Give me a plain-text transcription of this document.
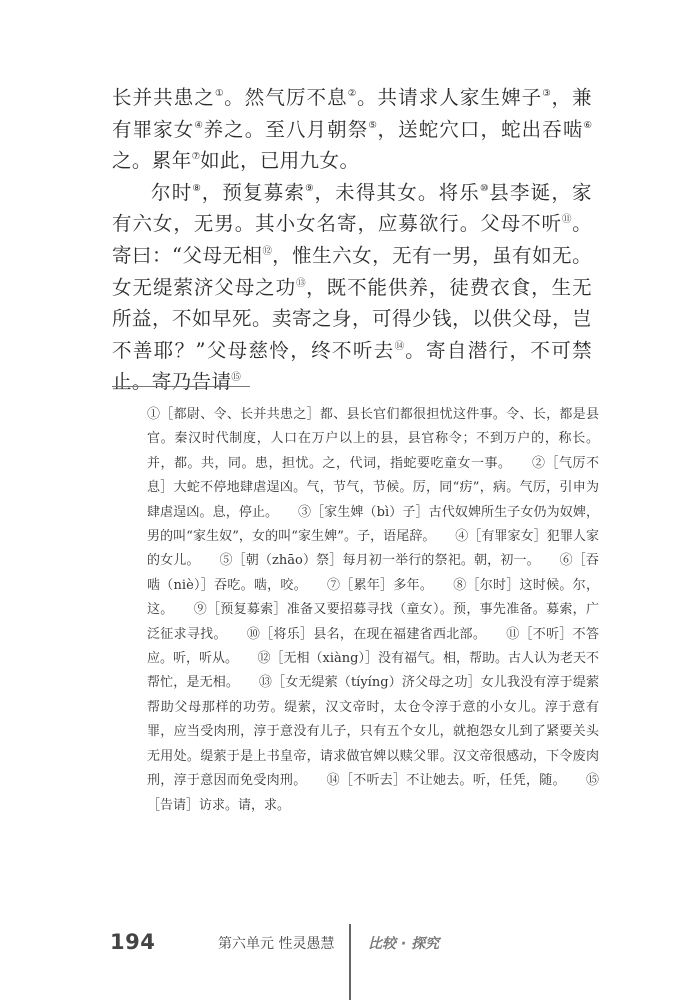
长并共患之①。然气厉不息②。共请求人家生婢子③，兼有罪家女④养之。至八月朝祭⑤，送蛇穴口，蛇出吞啮⑥之。累年⑦如此，已用九女。

尔时⑧，预复募索⑨，未得其女。将乐⑩县李诞，家有六女，无男。其小女名寄，应募欲行。父母不听⑪。寄曰：“父母无相⑫，惟生六女，无有一男，虽有如无。女无缇萦济父母之功⑬，既不能供养，徒费衣食，生无所益，不如早死。卖寄之身，可得少钱，以供父母，岂不善耶？”父母慈怜，终不听去⑭。寄自潜行，不可禁止。寄乃告请⑮

①［都尉、令、长并共患之］都、县长官们都很担忧这件事。令、长，都是县官。秦汉时代制度，人口在万户以上的县，县官称令；不到万户的，称长。并，都。共，同。患，担忧。之，代词，指蛇要吃童女一事。 ②［气厉不息］大蛇不停地肆虐逞凶。气，节气，节候。厉，同“疠”，病。气厉，引申为肆虐逞凶。息，停止。 ③［家生婢（bì）子］古代奴婢所生子女仍为奴婢，男的叫“家生奴”，女的叫“家生婢”。子，语尾辞。 ④［有罪家女］犯罪人家的女儿。 ⑤［朝（zhāo）祭］每月初一举行的祭祀。朝，初一。 ⑥［吞啮（niè）］吞吃。啮，咬。 ⑦［累年］多年。 ⑧［尔时］这时候。尔，这。 ⑨［预复募索］准备又要招募寻找（童女）。预，事先准备。募索，广泛征求寻找。 ⑩［将乐］县名，在现在福建省西北部。 ⑪［不听］不答应。听，听从。 ⑫［无相（xiàng）］没有福气。相，帮助。古人认为老天不帮忙，是无相。 ⑬［女无缇萦（tíyíng）济父母之功］女儿我没有淳于缇萦帮助父母那样的功劳。缇萦，汉文帝时，太仓令淳于意的小女儿。淳于意有罪，应当受肉刑，淳于意没有儿子，只有五个女儿，就抱怨女儿到了紧要关头无用处。缇萦于是上书皇帝，请求做官婢以赎父罪。汉文帝很感动，下令废肉刑，淳于意因而免受肉刑。 ⑭［不听去］不让她去。听，任凭，随。 ⑮［告请］访求。请，求。
194	第六单元 性灵愚慧 比较 · 探究
